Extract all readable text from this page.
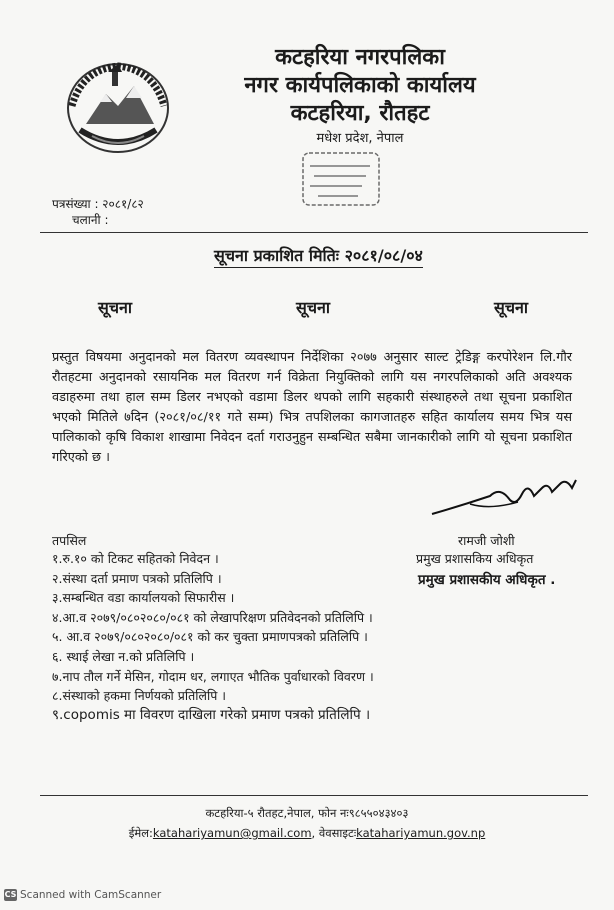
कटहरिया नगरपलिका
नगर कार्यपलिकाको कार्यालय
कटहरिया, रौतहट
मधेश प्रदेश, नेपाल
पत्रसंख्या : २०८१/८२
चलानी :
सूचना प्रकाशित मितिः २०८१/०८/०४
सूचना	सूचना	सूचना
प्रस्तुत विषयमा अनुदानको मल वितरण व्यवस्थापन निर्देशिका २०७७ अनुसार साल्ट ट्रेडिङ्ग करपोरेशन लि.गौर रौतहटमा अनुदानको रसायनिक मल वितरण गर्न विक्रेता नियुक्तिको लागि यस नगरपलिकाको अति अवश्यक वडाहरुमा तथा हाल सम्म डिलर नभएको वडामा डिलर थपको लागि सहकारी संस्थाहरुले तथा सूचना प्रकाशित भएको मितिले ७दिन (२०८१/०८/११ गते सम्म) भित्र तपशिलका कागजातहरु सहित कार्यालय समय भित्र यस पालिकाको कृषि विकाश शाखामा निवेदन दर्ता गराउनुहुन सम्बन्धित सबैमा जानकारीको लागि यो सूचना प्रकाशित गरिएको छ ।
रामजी जोशी
प्रमुख प्रशासकिय अधिकृत
प्रमुख प्रशासकीय अधिकृत .
तपसिल
१.रु.१० को टिकट सहितको निवेदन ।
२.संस्था दर्ता प्रमाण पत्रको प्रतिलिपि ।
३.सम्बन्धित वडा कार्यालयको सिफारीस ।
४.आ.व २०७९/०८०२०८०/०८१ को लेखापरिक्षण प्रतिवेदनको प्रतिलिपि ।
५. आ.व २०७९/०८०२०८०/०८१ को कर चुक्ता प्रमाणपत्रको प्रतिलिपि ।
६. स्थाई लेखा न.को प्रतिलिपि ।
७.नाप तौल गर्ने मेसिन, गोदाम धर, लगाएत भौतिक पुर्वाधारको विवरण ।
८.संस्थाको हकमा निर्णयको प्रतिलिपि ।
९.copomis मा विवरण दाखिला गरेको प्रमाण पत्रको प्रतिलिपि ।
कटहरिया-५ रौतहट,नेपाल, फोन नः९८५५०४३४०३
ईमेल:katahariyamun@gmail.com, वेवसाइटःkatahariyamun.gov.np
CS Scanned with CamScanner
